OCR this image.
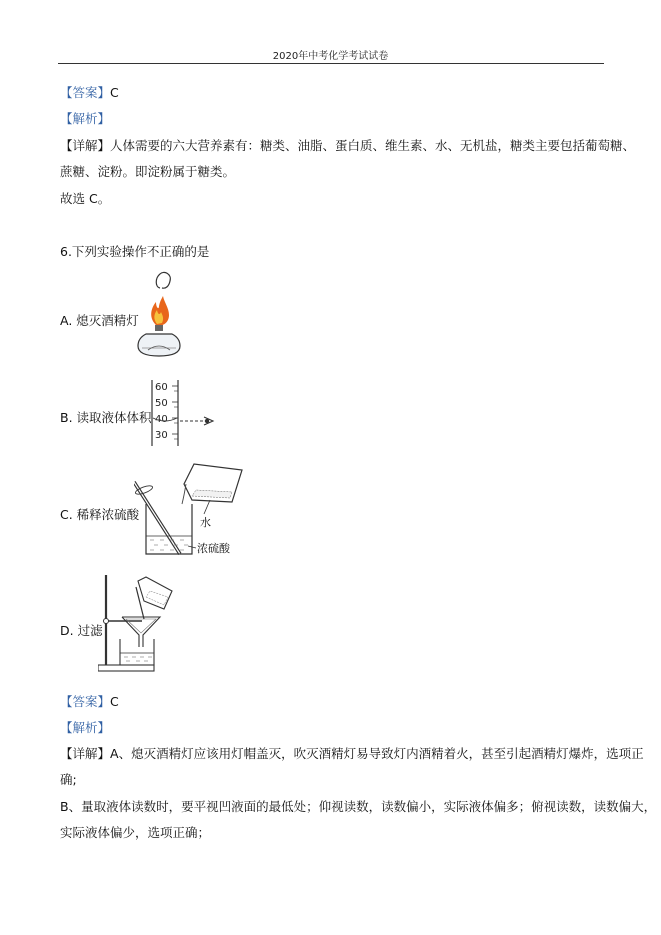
2020年中考化学考试试卷
【答案】C
【解析】
【详解】人体需要的六大营养素有：糖类、油脂、蛋白质、维生素、水、无机盐，糖类主要包括葡萄糖、
蔗糖、淀粉。即淀粉属于糖类。
故选 C。
6.下列实验操作不正确的是
A. 熄灭酒精灯
B. 读取液体体积
60
50
40
30
C. 稀释浓硫酸
水
浓硫酸
D. 过滤
【答案】C
【解析】
【详解】A、熄灭酒精灯应该用灯帽盖灭，吹灭酒精灯易导致灯内酒精着火，甚至引起酒精灯爆炸，选项正
确;
B、量取液体读数时，要平视凹液面的最低处；仰视读数，读数偏小，实际液体偏多；俯视读数，读数偏大，
实际液体偏少，选项正确；
